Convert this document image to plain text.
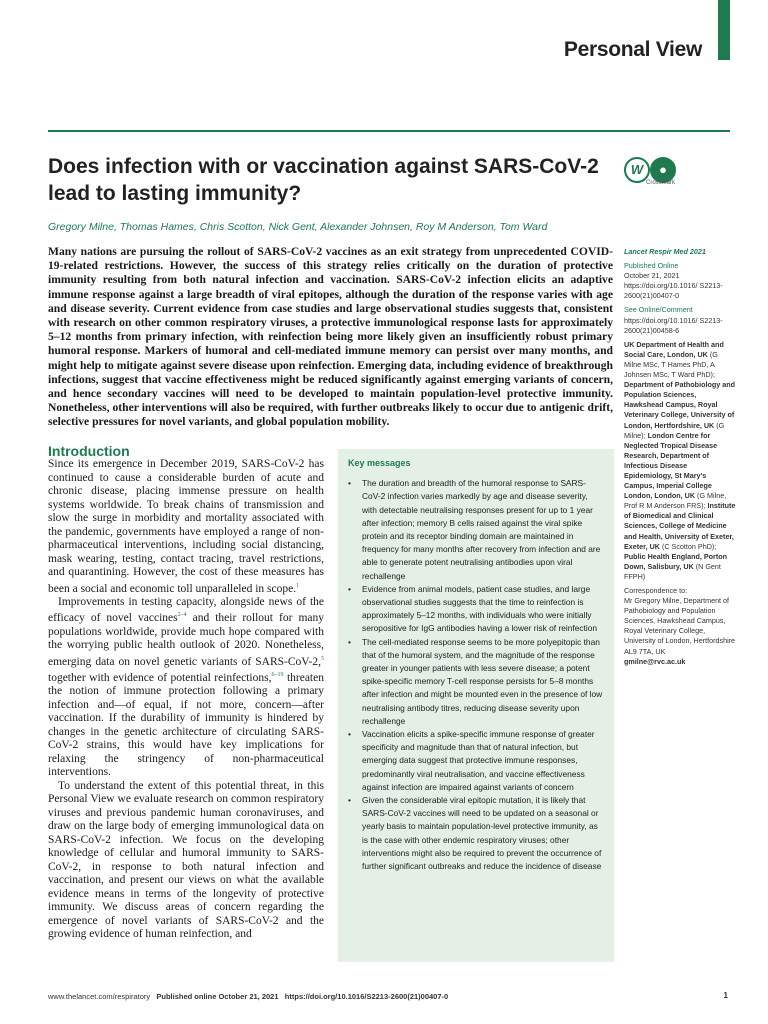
Personal View
Does infection with or vaccination against SARS-CoV-2 lead to lasting immunity?
W	●
CrossMark
Gregory Milne, Thomas Hames, Chris Scotton, Nick Gent, Alexander Johnsen, Roy M Anderson, Tom Ward
Many nations are pursuing the rollout of SARS-CoV-2 vaccines as an exit strategy from unprecedented COVID-19-related restrictions. However, the success of this strategy relies critically on the duration of protective immunity resulting from both natural infection and vaccination. SARS-CoV-2 infection elicits an adaptive immune response against a large breadth of viral epitopes, although the duration of the response varies with age and disease severity. Current evidence from case studies and large observational studies suggests that, consistent with research on other common respiratory viruses, a protective immunological response lasts for approximately 5–12 months from primary infection, with reinfection being more likely given an insufficiently robust primary humoral response. Markers of humoral and cell-mediated immune memory can persist over many months, and might help to mitigate against severe disease upon reinfection. Emerging data, including evidence of breakthrough infections, suggest that vaccine effectiveness might be reduced significantly against emerging variants of concern, and hence secondary vaccines will need to be developed to maintain population-level protective immunity. Nonetheless, other interventions will also be required, with further outbreaks likely to occur due to antigenic drift, selective pressures for novel variants, and global population mobility.
Introduction

Since its emergence in December 2019, SARS-CoV-2 has continued to cause a considerable burden of acute and chronic disease, placing immense pressure on health systems worldwide. To break chains of transmission and slow the surge in morbidity and mortality associated with the pandemic, governments have employed a range of non-pharmaceutical interventions, including social distancing, mask wearing, testing, contact tracing, travel restrictions, and quarantining. However, the cost of these measures has been a social and economic toll unparalleled in scope.$^1$

Improvements in testing capacity, alongside news of the efficacy of novel vaccines$^{2-4}$ and their rollout for many populations worldwide, provide much hope compared with the worrying public health outlook of 2020. Nonetheless, emerging data on novel genetic variants of SARS-CoV-2,$^5$ together with evidence of potential reinfections,$^{6-19}$ threaten the notion of immune protection following a primary infection and—of equal, if not more, concern—after vaccination. If the durability of immunity is hindered by changes in the genetic architecture of circulating SARS-CoV-2 strains, this would have key implications for relaxing the stringency of non-pharmaceutical interventions.

To understand the extent of this potential threat, in this Personal View we evaluate research on common respiratory viruses and previous pandemic human coronaviruses, and draw on the large body of emerging immunological data on SARS-CoV-2 infection. We focus on the developing knowledge of cellular and humoral immunity to SARS-CoV-2, in response to both natural infection and vaccination, and present our views on what the available evidence means in terms of the longevity of protective immunity. We discuss areas of concern regarding the emergence of novel variants of SARS-CoV-2 and the growing evidence of human reinfection, and

Key messages
• The duration and breadth of the humoral response to SARS-CoV-2 infection varies markedly by age and disease severity, with detectable neutralising responses present for up to 1 year after infection; memory B cells raised against the viral spike protein and its receptor binding domain are maintained in frequency for many months after recovery from infection and are able to generate potent neutralising antibodies upon viral rechallenge
• Evidence from animal models, patient case studies, and large observational studies suggests that the time to reinfection is approximately 5–12 months, with individuals who were initially seropositive for IgG antibodies having a lower risk of reinfection
• The cell-mediated response seems to be more polyepitopic than that of the humoral system, and the magnitude of the response greater in younger patients with less severe disease; a potent spike-specific memory T-cell response persists for 5–8 months after infection and might be mounted even in the presence of low neutralising antibody titres, reducing disease severity upon rechallenge
• Vaccination elicits a spike-specific immune response of greater specificity and magnitude than that of natural infection, but emerging data suggest that protective immune responses, predominantly viral neutralisation, and vaccine effectiveness against infection are impaired against variants of concern
• Given the considerable viral epitopic mutation, it is likely that SARS-CoV-2 vaccines will need to be updated on a seasonal or yearly basis to maintain population-level protective immunity, as is the case with other endemic respiratory viruses; other interventions might also be required to prevent the occurrence of further significant outbreaks and reduce the incidence of disease
Lancet Respir Med 2021
Published Online
October 21, 2021
https://doi.org/10.1016/ S2213-2600(21)00407-0
See Online/Comment
https://doi.org/10.1016/ S2213-2600(21)00458-6
UK Department of Health and Social Care, London, UK (G Milne MSc, T Hames PhD, A Johnsen MSc, T Ward PhD); Department of Pathobiology and Population Sciences, Hawkshead Campus, Royal Veterinary College, University of London, Hertfordshire, UK (G Milne); London Centre for Neglected Tropical Disease Research, Department of Infectious Disease Epidemiology, St Mary's Campus, Imperial College London, London, UK (G Milne, Prof R M Anderson FRS); Institute of Biomedical and Clinical Sciences, College of Medicine and Health, University of Exeter, Exeter, UK (C Scotton PhD); Public Health England, Porton Down, Salisbury, UK (N Gent FFPH)
Correspondence to:
Mr Gregory Milne, Department of Pathobiology and Population Sciences, Hawkshead Campus, Royal Veterinary College, University of London, Hertfordshire AL9 7TA, UK
gmilne@rvc.ac.uk
www.thelancet.com/respiratory Published online October 21, 2021 https://doi.org/10.1016/S2213-2600(21)00407-0	1
